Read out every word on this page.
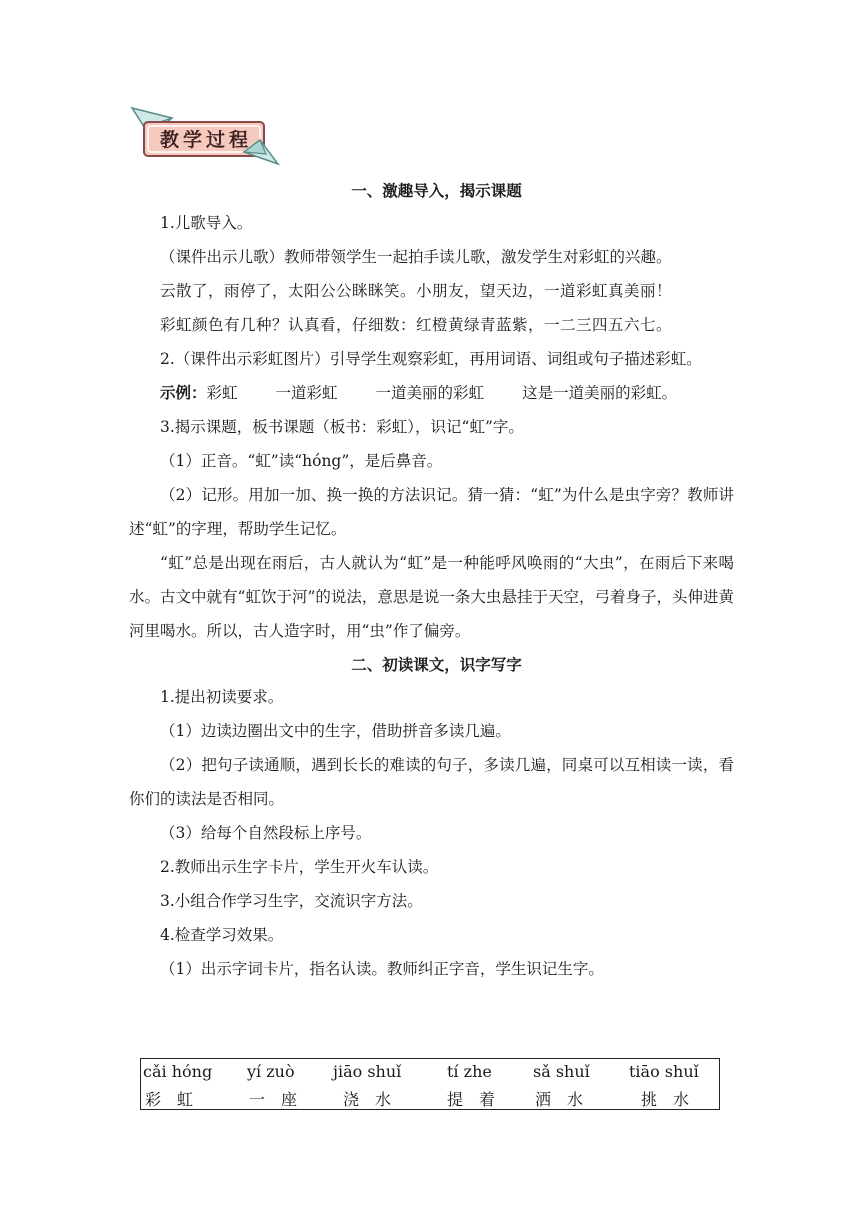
教学过程
一、激趣导入，揭示课题
1.儿歌导入。
（课件出示儿歌）教师带领学生一起拍手读儿歌，激发学生对彩虹的兴趣。
云散了，雨停了，太阳公公眯眯笑。小朋友，望天边，一道彩虹真美丽！
彩虹颜色有几种？认真看，仔细数：红橙黄绿青蓝紫，一二三四五六七。
2.（课件出示彩虹图片）引导学生观察彩虹，再用词语、词组或句子描述彩虹。
示例：彩虹 一道彩虹 一道美丽的彩虹 这是一道美丽的彩虹。
3.揭示课题，板书课题（板书：彩虹），识记“虹”字。
（1）正音。“虹”读“hóng”，是后鼻音。
（2）记形。用加一加、换一换的方法识记。猜一猜：“虹”为什么是虫字旁？教师讲述“虹”的字理，帮助学生记忆。
“虹”总是出现在雨后，古人就认为“虹”是一种能呼风唤雨的“大虫”，在雨后下来喝水。古文中就有“虹饮于河”的说法，意思是说一条大虫悬挂于天空，弓着身子，头伸进黄河里喝水。所以，古人造字时，用“虫”作了偏旁。
二、初读课文，识字写字
1.提出初读要求。
（1）边读边圈出文中的生字，借助拼音多读几遍。
（2）把句子读通顺，遇到长长的难读的句子，多读几遍，同桌可以互相读一读，看你们的读法是否相同。
（3）给每个自然段标上序号。
2.教师出示生字卡片，学生开火车认读。
3.小组合作学习生字，交流识字方法。
4.检查学习效果。
（1）出示字词卡片，指名认读。教师纠正字音，学生识记生字。
cǎi hóng
彩　虹
yí zuò
一　座
jiāo shuǐ
浇　水
tí zhe
提　着
sǎ shuǐ
洒　水
tiāo shuǐ
挑　水
